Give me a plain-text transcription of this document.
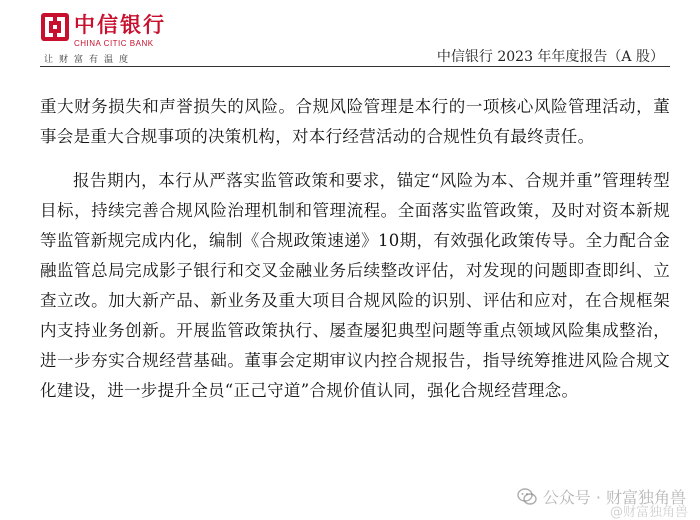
中信银行
CHINA CITIC BANK
让财富有温度	中信银行 2023 年年度报告（A 股）

重大财务损失和声誉损失的风险。合规风险管理是本行的一项核心风险管理活动，董事会是重大合规事项的决策机构，对本行经营活动的合规性负有最终责任。

报告期内，本行从严落实监管政策和要求，锚定“风险为本、合规并重”管理转型目标，持续完善合规风险治理机制和管理流程。全面落实监管政策，及时对资本新规等监管新规完成内化，编制《合规政策速递》10期，有效强化政策传导。全力配合金融监管总局完成影子银行和交叉金融业务后续整改评估，对发现的问题即查即纠、立查立改。加大新产品、新业务及重大项目合规风险的识别、评估和应对，在合规框架内支持业务创新。开展监管政策执行、屡查屡犯典型问题等重点领域风险集成整治，进一步夯实合规经营基础。董事会定期审议内控合规报告，指导统筹推进风险合规文化建设，进一步提升全员“正己守道”合规价值认同，强化合规经营理念。

公众号 · 财富独角兽
@财富独角兽
